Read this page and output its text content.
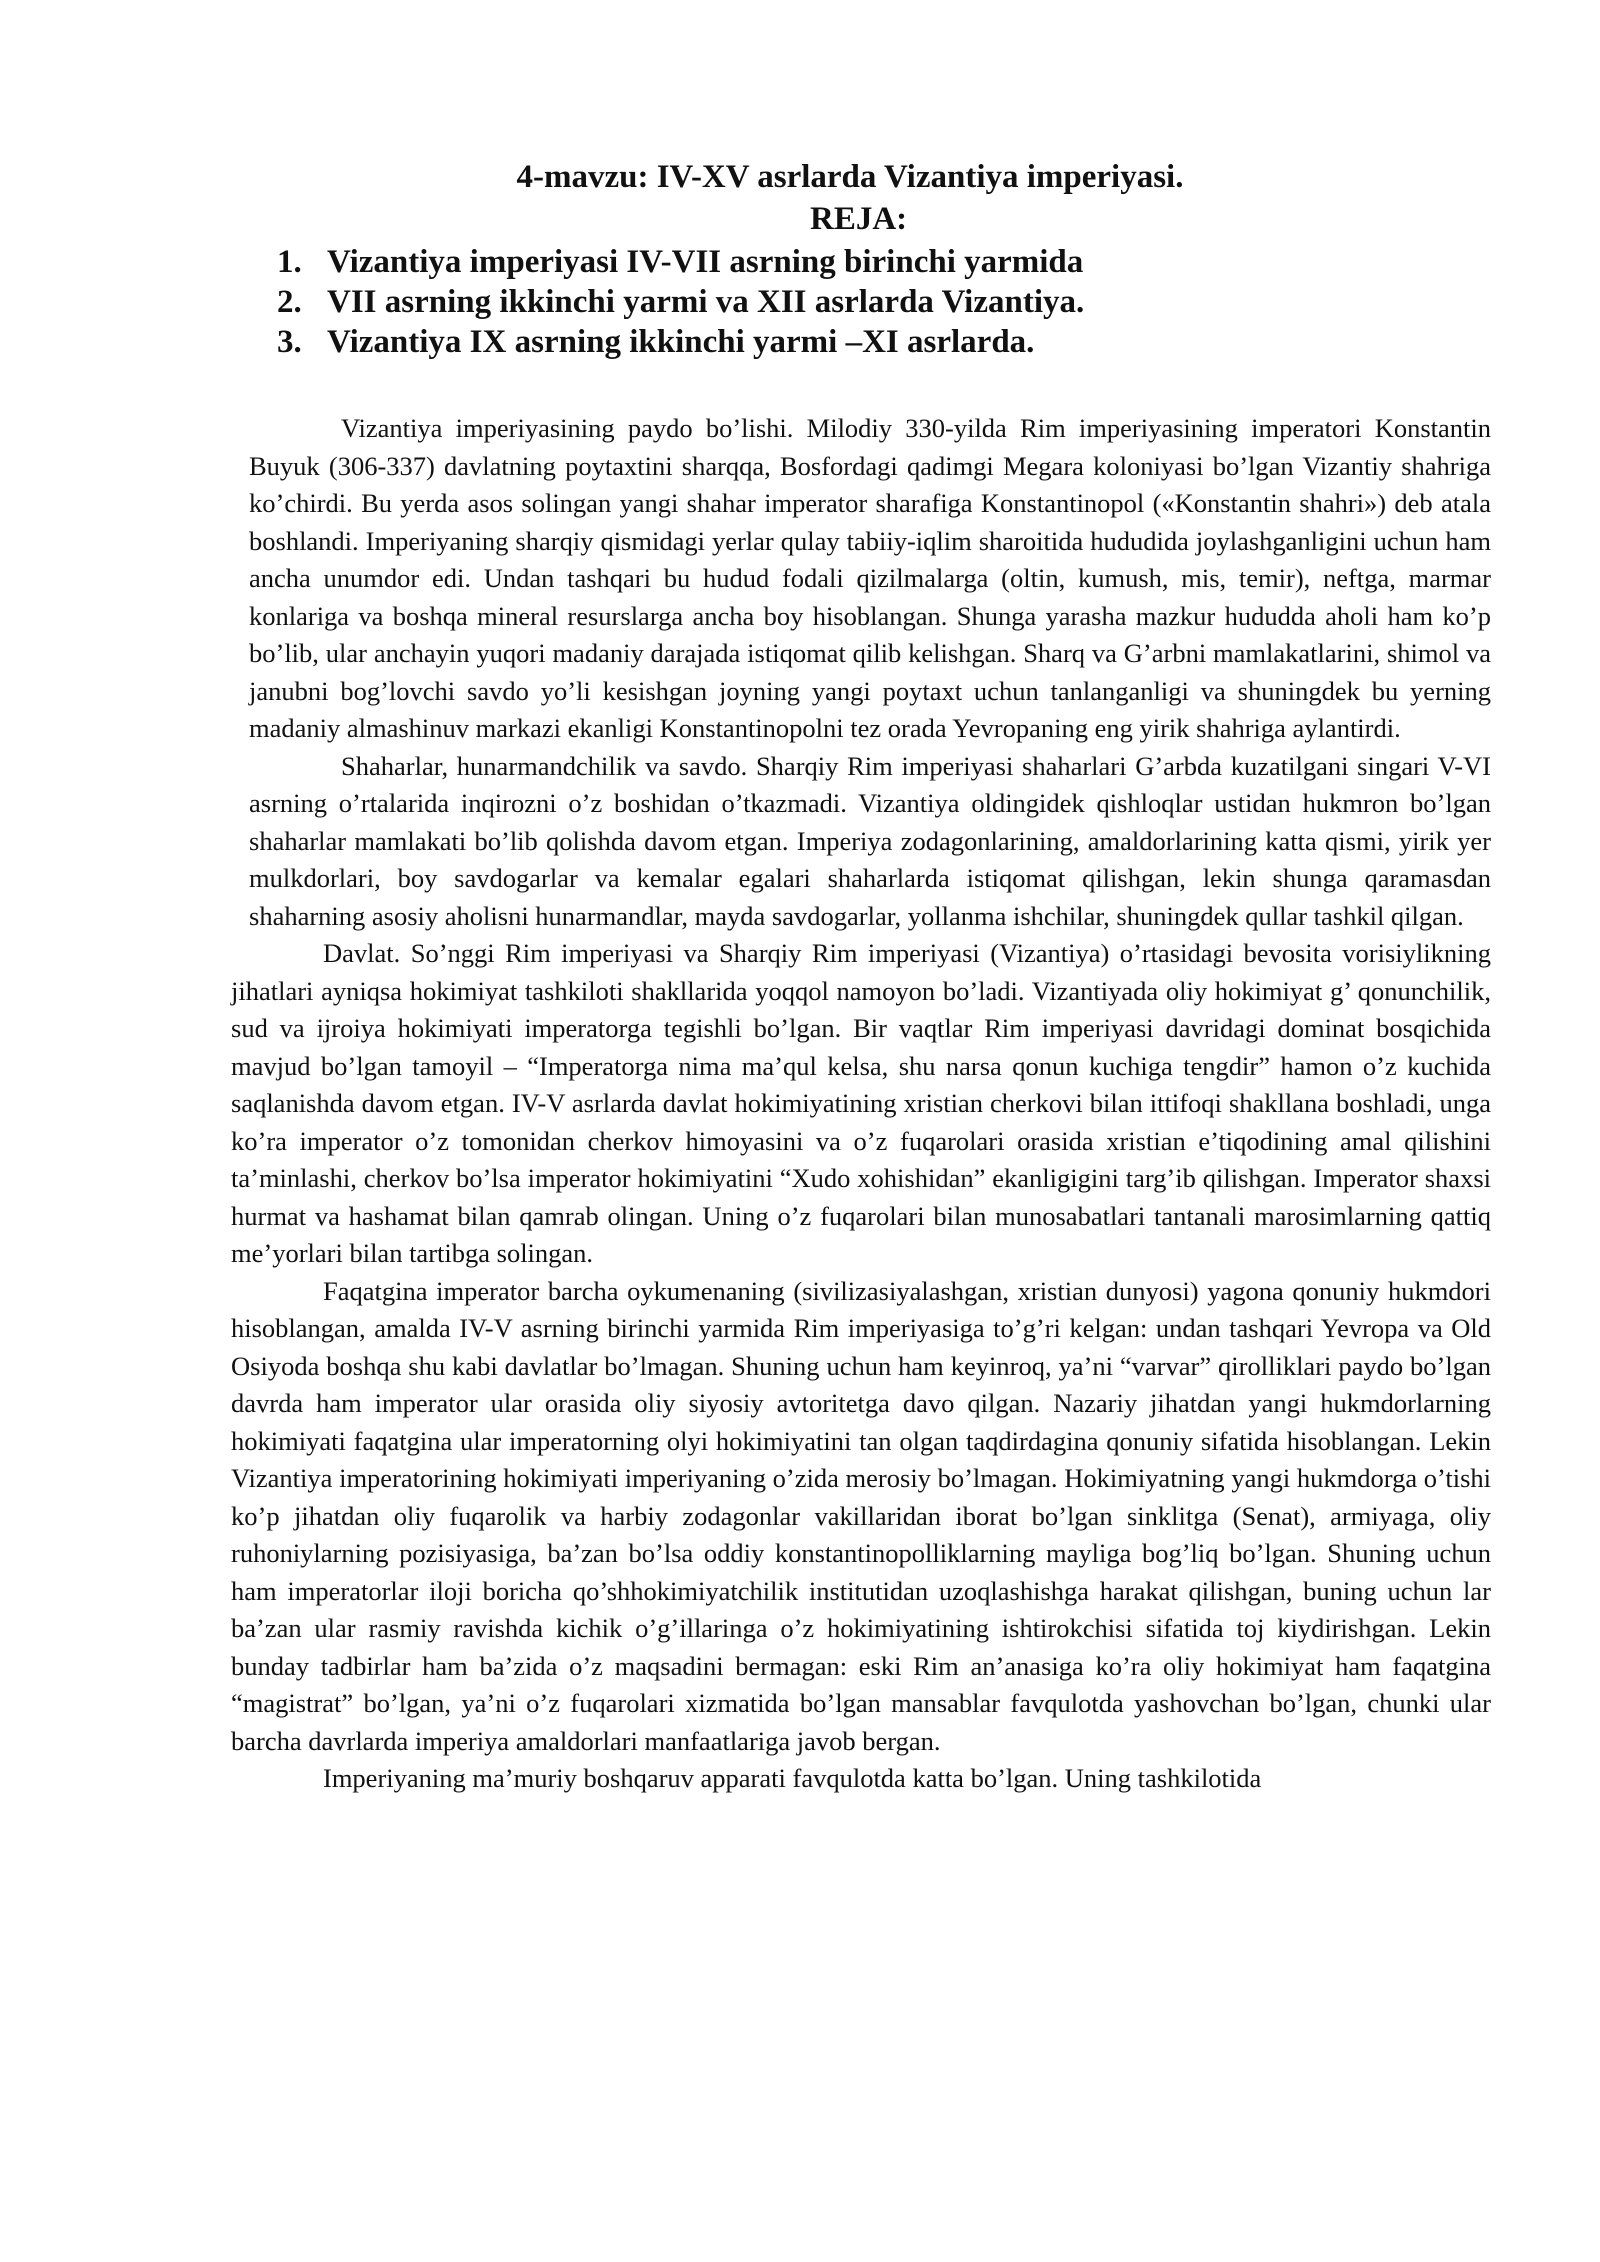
4-mavzu: IV-XV asrlarda Vizantiya imperiyasi.
REJA:
1. Vizantiya imperiyasi IV-VII asrning birinchi yarmida
2. VII asrning ikkinchi yarmi va XII asrlarda Vizantiya.
3. Vizantiya IX asrning ikkinchi yarmi –XI asrlarda.

Vizantiya imperiyasining paydo bo’lishi. Milodiy 330-yilda Rim imperiyasining imperatori Konstantin Buyuk (306-337) davlatning poytaxtini sharqqa, Bosfordagi qadimgi Megara koloniyasi bo’lgan Vizantiy shahriga ko’chirdi. Bu yerda asos solingan yangi shahar imperator sharafiga Konstantinopol («Konstantin shahri») deb atala boshlandi. Imperiyaning sharqiy qismidagi yerlar qulay tabiiy-iqlim sharoitida hududida joylashganligini uchun ham ancha unumdor edi. Undan tashqari bu hudud fodali qizilmalarga (oltin, kumush, mis, temir), neftga, marmar konlariga va boshqa mineral resurslarga ancha boy hisoblangan. Shunga yarasha mazkur hududda aholi ham ko’p bo’lib, ular anchayin yuqori madaniy darajada istiqomat qilib kelishgan. Sharq va G’arbni mamlakatlarini, shimol va janubni bog’lovchi savdo yo’li kesishgan joyning yangi poytaxt uchun tanlanganligi va shuningdek bu yerning madaniy almashinuv markazi ekanligi Konstantinopolni tez orada Yevropaning eng yirik shahriga aylantirdi.

Shaharlar, hunarmandchilik va savdo. Sharqiy Rim imperiyasi shaharlari G’arbda kuzatilgani singari V-VI asrning o’rtalarida inqirozni o’z boshidan o’tkazmadi. Vizantiya oldingidek qishloqlar ustidan hukmron bo’lgan shaharlar mamlakati bo’lib qolishda davom etgan. Imperiya zodagonlarining, amaldorlarining katta qismi, yirik yer mulkdorlari, boy savdogarlar va kemalar egalari shaharlarda istiqomat qilishgan, lekin shunga qaramasdan shaharning asosiy aholisni hunarmandlar, mayda savdogarlar, yollanma ishchilar, shuningdek qullar tashkil qilgan.

Davlat. So’nggi Rim imperiyasi va Sharqiy Rim imperiyasi (Vizantiya) o’rtasidagi bevosita vorisiylikning jihatlari ayniqsa hokimiyat tashkiloti shakllarida yoqqol namoyon bo’ladi. Vizantiyada oliy hokimiyat g’ qonunchilik, sud va ijroiya hokimiyati imperatorga tegishli bo’lgan. Bir vaqtlar Rim imperiyasi davridagi dominat bosqichida mavjud bo’lgan tamoyil – “Imperatorga nima ma’qul kelsa, shu narsa qonun kuchiga tengdir” hamon o’z kuchida saqlanishda davom etgan. IV-V asrlarda davlat hokimiyatining xristian cherkovi bilan ittifoqi shakllana boshladi, unga ko’ra imperator o’z tomonidan cherkov himoyasini va o’z fuqarolari orasida xristian e’tiqodining amal qilishini ta’minlashi, cherkov bo’lsa imperator hokimiyatini “Xudo xohishidan” ekanligigini targ’ib qilishgan. Imperator shaxsi hurmat va hashamat bilan qamrab olingan. Uning o’z fuqarolari bilan munosabatlari tantanali marosimlarning qattiq me’yorlari bilan tartibga solingan.

Faqatgina imperator barcha oykumenaning (sivilizasiyalashgan, xristian dunyosi) yagona qonuniy hukmdori hisoblangan, amalda IV-V asrning birinchi yarmida Rim imperiyasiga to’g’ri kelgan: undan tashqari Yevropa va Old Osiyoda boshqa shu kabi davlatlar bo’lmagan. Shuning uchun ham keyinroq, ya’ni “varvar” qirolliklari paydo bo’lgan davrda ham imperator ular orasida oliy siyosiy avtoritetga davo qilgan. Nazariy jihatdan yangi hukmdorlarning hokimiyati faqatgina ular imperatorning olyi hokimiyatini tan olgan taqdirdagina qonuniy sifatida hisoblangan. Lekin Vizantiya imperatorining hokimiyati imperiyaning o’zida merosiy bo’lmagan. Hokimiyatning yangi hukmdorga o’tishi ko’p jihatdan oliy fuqarolik va harbiy zodagonlar vakillaridan iborat bo’lgan sinklitga (Senat), armiyaga, oliy ruhoniylarning pozisiyasiga, ba’zan bo’lsa oddiy konstantinopolliklarning mayliga bog’liq bo’lgan. Shuning uchun ham imperatorlar iloji boricha qo’shhokimiyatchilik institutidan uzoqlashishga harakat qilishgan, buning uchun lar ba’zan ular rasmiy ravishda kichik o’g’illaringa o’z hokimiyatining ishtirokchisi sifatida toj kiydirishgan. Lekin bunday tadbirlar ham ba’zida o’z maqsadini bermagan: eski Rim an’anasiga ko’ra oliy hokimiyat ham faqatgina “magistrat” bo’lgan, ya’ni o’z fuqarolari xizmatida bo’lgan mansablar favqulotda yashovchan bo’lgan, chunki ular barcha davrlarda imperiya amaldorlari manfaatlariga javob bergan.

Imperiyaning ma’muriy boshqaruv apparati favqulotda katta bo’lgan. Uning tashkilotida
